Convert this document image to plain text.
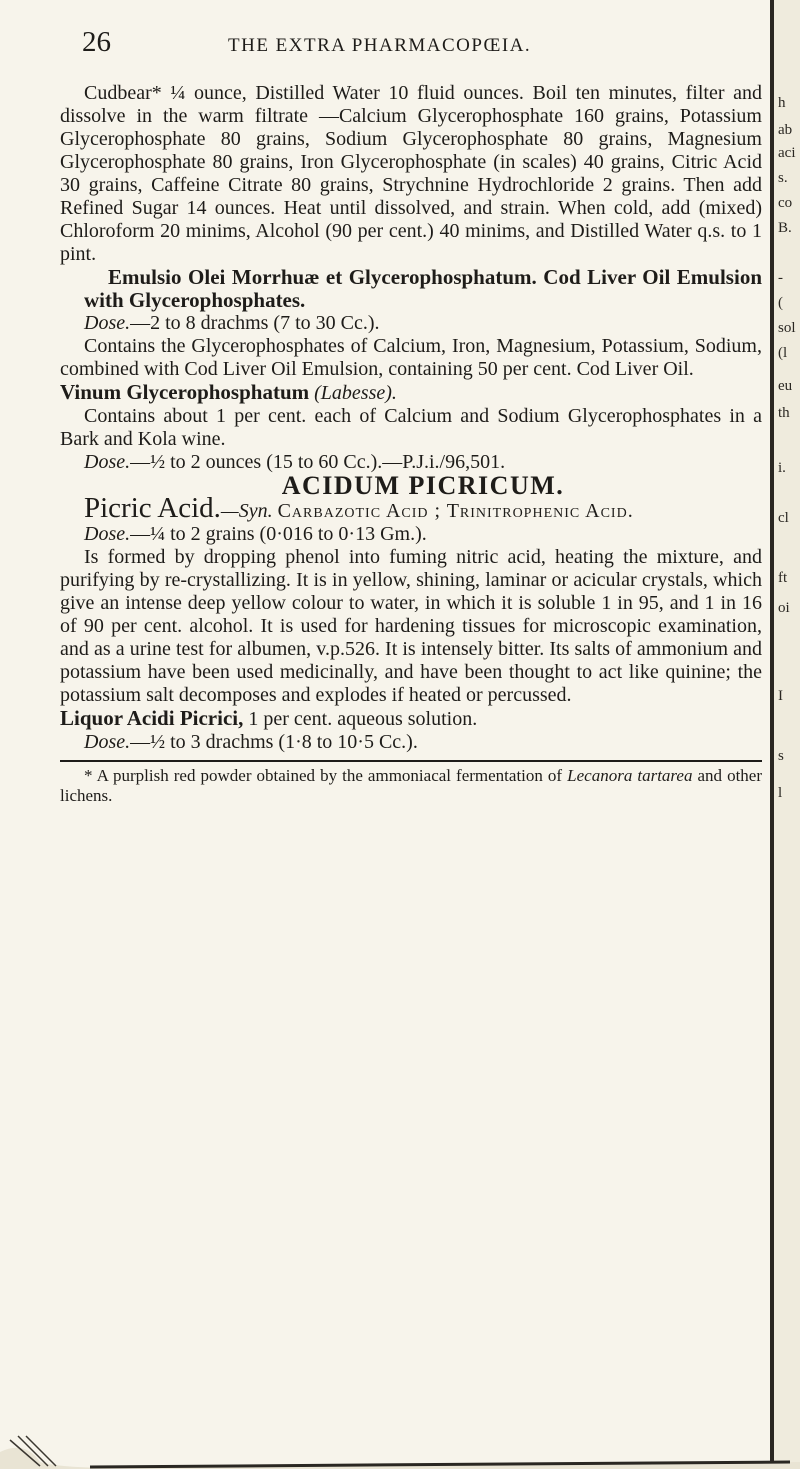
26	THE EXTRA PHARMACOPŒIA.

Cudbear* ¼ ounce, Distilled Water 10 fluid ounces. Boil ten minutes, filter and dissolve in the warm filtrate —Calcium Glycerophosphate 160 grains, Potassium Glycerophosphate 80 grains, Sodium Glycerophosphate 80 grains, Magnesium Glycerophosphate 80 grains, Iron Glycerophosphate (in scales) 40 grains, Citric Acid 30 grains, Caffeine Citrate 80 grains, Strychnine Hydrochloride 2 grains. Then add Refined Sugar 14 ounces. Heat until dissolved, and strain. When cold, add (mixed) Chloroform 20 minims, Alcohol (90 per cent.) 40 minims, and Distilled Water q.s. to 1 pint.

Emulsio Olei Morrhuæ et Glycerophosphatum. Cod Liver Oil Emulsion with Glycerophosphates.

Dose.—2 to 8 drachms (7 to 30 Cc.).

Contains the Glycerophosphates of Calcium, Iron, Magnesium, Potassium, Sodium, combined with Cod Liver Oil Emulsion, containing 50 per cent. Cod Liver Oil.

Vinum Glycerophosphatum (Labesse).

Contains about 1 per cent. each of Calcium and Sodium Glycerophosphates in a Bark and Kola wine.

Dose.—½ to 2 ounces (15 to 60 Cc.).—P.J.i./96,501.

ACIDUM PICRICUM.

Picric Acid.—Syn. Carbazotic Acid ; Trinitrophenic Acid.

Dose.—¼ to 2 grains (0·016 to 0·13 Gm.).

Is formed by dropping phenol into fuming nitric acid, heating the mixture, and purifying by re-crystallizing. It is in yellow, shining, laminar or acicular crystals, which give an intense deep yellow colour to water, in which it is soluble 1 in 95, and 1 in 16 of 90 per cent. alcohol. It is used for hardening tissues for microscopic examination, and as a urine test for albumen, v.p.526. It is intensely bitter. Its salts of ammonium and potassium have been used medicinally, and have been thought to act like quinine; the potassium salt decomposes and explodes if heated or percussed.

Liquor Acidi Picrici, 1 per cent. aqueous solution.

Dose.—½ to 3 drachms (1·8 to 10·5 Cc.).

* A purplish red powder obtained by the ammoniacal fermentation of Lecanora tartarea and other lichens.

h
ab
aci
s.
co
B.
-
(
sol
(l
eu
th
i.
cl
ft
oi
I
s
l
